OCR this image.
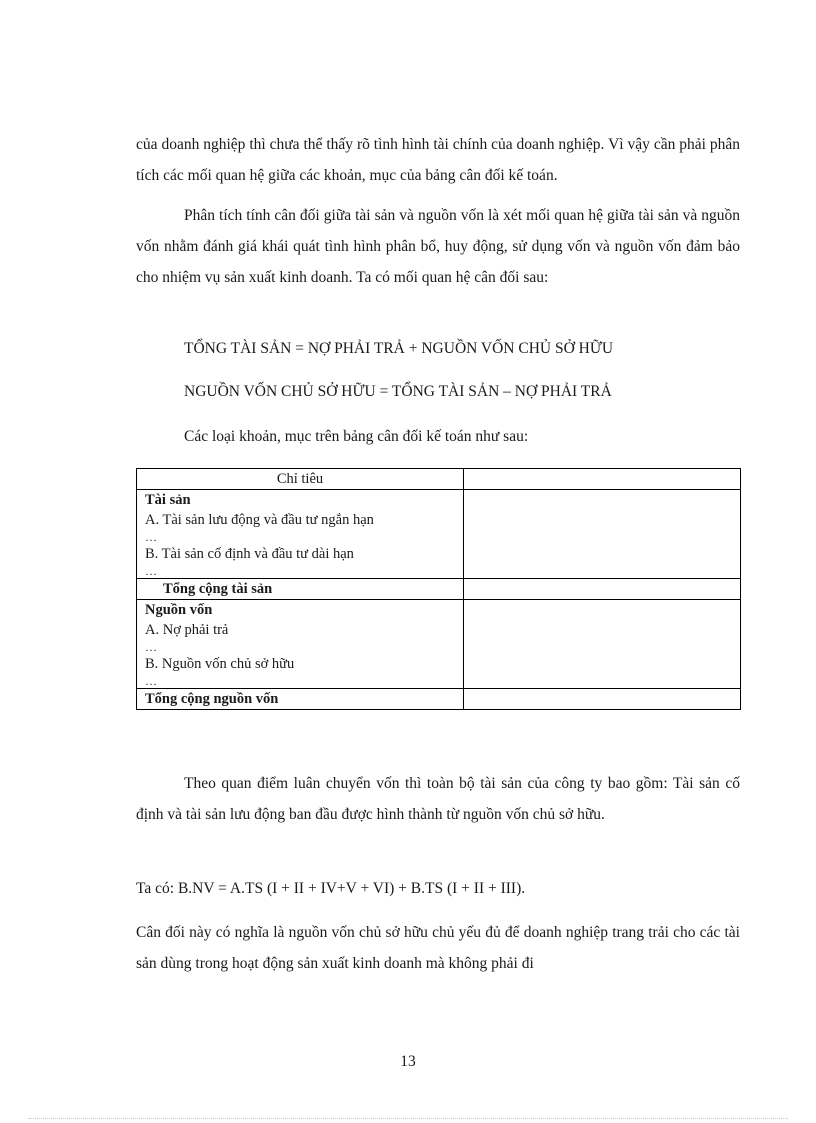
của doanh nghiệp thì chưa thể thấy rõ tình hình tài chính của doanh nghiệp. Vì vậy cần phải phân tích các mối quan hệ giữa các khoản, mục của bảng cân đối kế toán.

Phân tích tính cân đối giữa tài sản và nguồn vốn là xét mối quan hệ giữa tài sản và nguồn vốn nhằm đánh giá khái quát tình hình phân bổ, huy động, sử dụng vốn và nguồn vốn đảm bảo cho nhiệm vụ sản xuất kinh doanh. Ta có mối quan hệ cân đối sau:

TỔNG TÀI SẢN = NỢ PHẢI TRẢ + NGUỒN VỐN CHỦ SỞ HỮU

NGUỒN VỐN CHỦ SỞ HỮU = TỔNG TÀI SẢN – NỢ PHẢI TRẢ

Các loại khoản, mục trên bảng cân đối kế toán như sau:

Chỉ tiêu	

Tài sản
A. Tài sản lưu động và đầu tư ngắn hạn
…
B. Tài sản cố định và đầu tư dài hạn
…	

Tổng cộng tài sản	

Nguồn vốn
A. Nợ phải trả
…
B. Nguồn vốn chủ sở hữu
…	

Tổng cộng nguồn vốn	

Theo quan điểm luân chuyển vốn thì toàn bộ tài sản của công ty bao gồm: Tài sản cố định và tài sản lưu động ban đầu được hình thành từ nguồn vốn chủ sở hữu.

Ta có: B.NV = A.TS (I + II + IV+V + VI) + B.TS (I + II + III).

Cân đối này có nghĩa là nguồn vốn chủ sở hữu chủ yếu đủ để doanh nghiệp trang trải cho các tài sản dùng trong hoạt động sản xuất kinh doanh mà không phải đi

13
